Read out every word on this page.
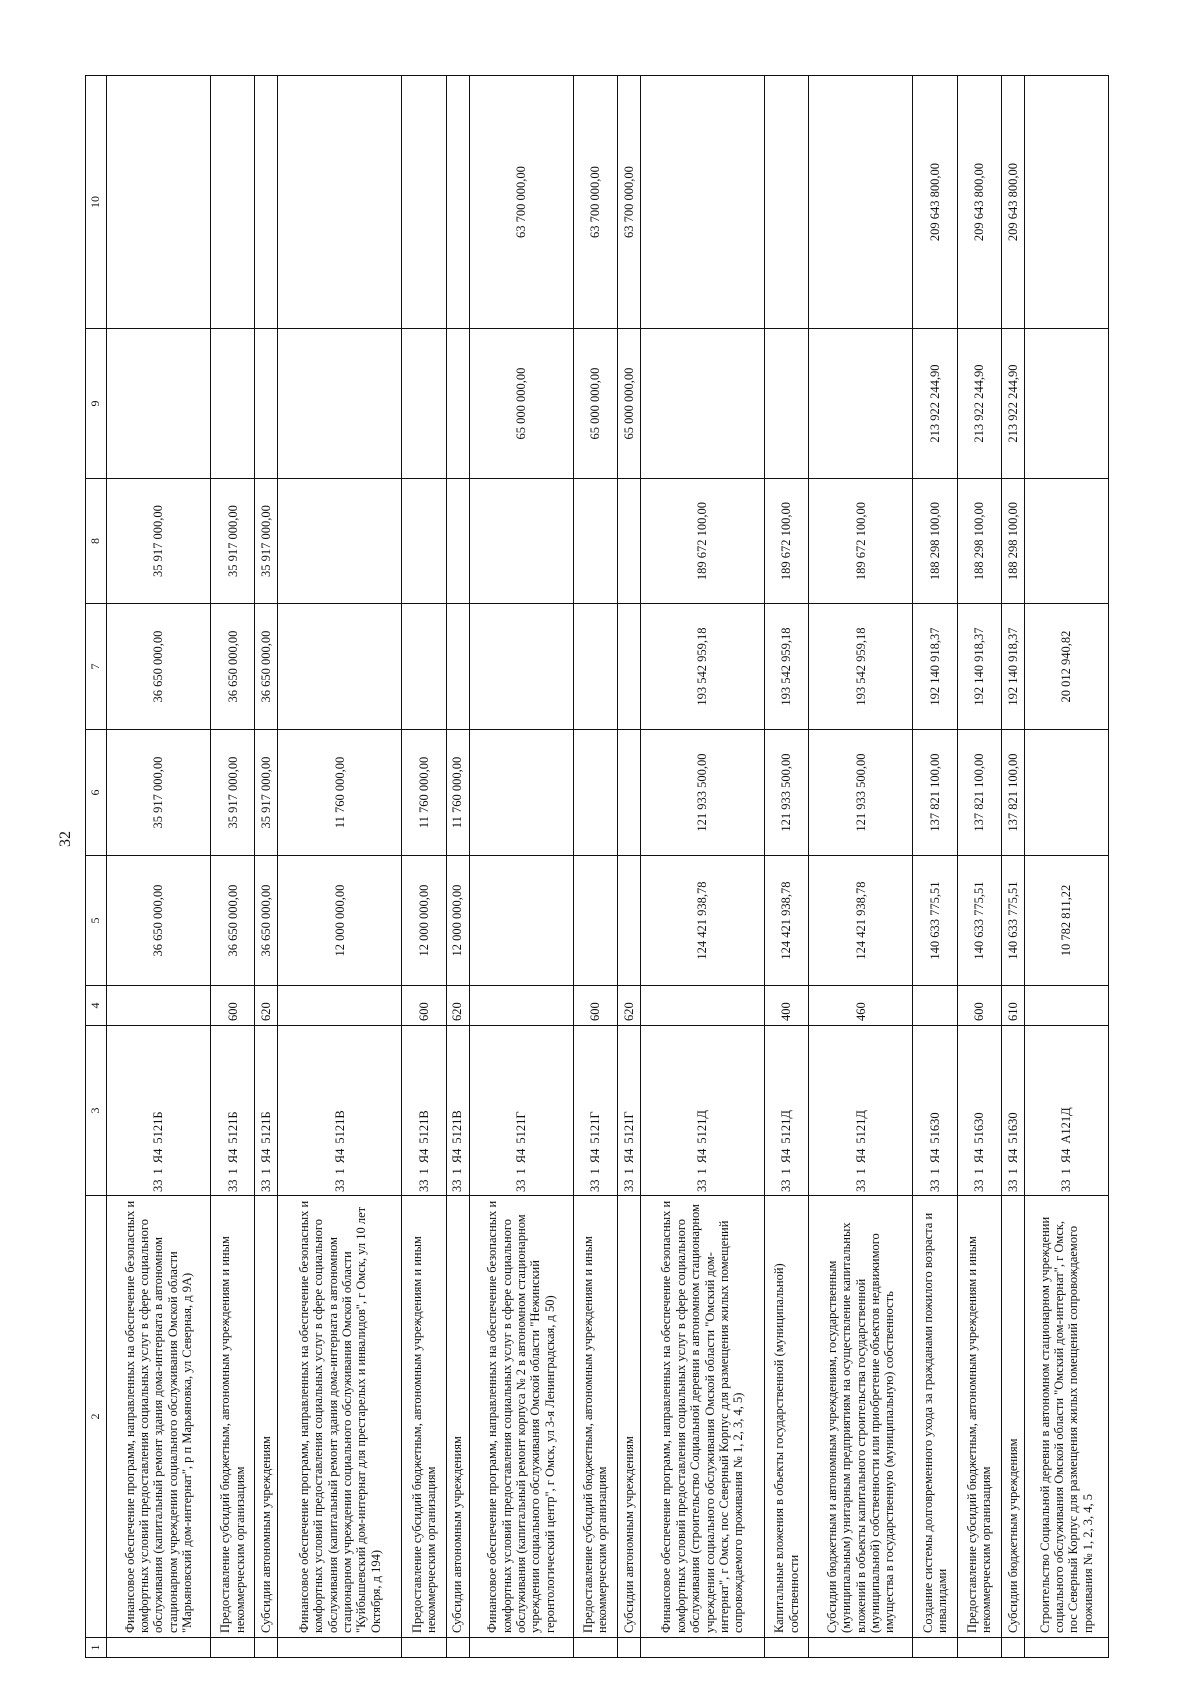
32
1	2	3	4	5	6	7	8	9	10
	Финансовое обеспечение программ, направленных на обеспечение безопасных и комфортных условий предоставления социальных услуг в сфере социального обслуживания (капитальный ремонт здания дома-интерната в автономном стационарном учреждении социального обслуживания Омской области "Марьяновский дом-интернат", р п Марьяновка, ул Северная, д 9А)	331Я45121Б		36 650 000,00	35 917 000,00	36 650 000,00	35 917 000,00		
	Предоставление субсидий бюджетным, автономным учреждениям и иным некоммерческим организациям	331Я45121Б	600	36 650 000,00	35 917 000,00	36 650 000,00	35 917 000,00		
	Субсидии автономным учреждениям	331Я45121Б	620	36 650 000,00	35 917 000,00	36 650 000,00	35 917 000,00		
	Финансовое обеспечение программ, направленных на обеспечение безопасных и комфортных условий предоставления социальных услуг в сфере социального обслуживания (капитальный ремонт здания дома-интерната в автономном стационарном учреждении социального обслуживания Омской области "Куйбышевский дом-интернат для престарелых и инвалидов", г Омск, ул 10 лет Октября, д 194)	331Я45121В		12 000 000,00	11 760 000,00				
	Предоставление субсидий бюджетным, автономным учреждениям и иным некоммерческим организациям	331Я45121В	600	12 000 000,00	11 760 000,00				
	Субсидии автономным учреждениям	331Я45121В	620	12 000 000,00	11 760 000,00				
	Финансовое обеспечение программ, направленных на обеспечение безопасных и комфортных условий предоставления социальных услуг в сфере социального обслуживания (капитальный ремонт корпуса № 2 в автономном стационарном учреждении социального обслуживания Омской области "Нежинский геронтологический центр", г Омск, ул 3-я Ленинградская, д 50)	331Я45121Г						65 000 000,00	63 700 000,00
	Предоставление субсидий бюджетным, автономным учреждениям и иным некоммерческим организациям	331Я45121Г	600					65 000 000,00	63 700 000,00
	Субсидии автономным учреждениям	331Я45121Г	620					65 000 000,00	63 700 000,00
	Финансовое обеспечение программ, направленных на обеспечение безопасных и комфортных условий предоставления социальных услуг в сфере социального обслуживания (строительство Социальной деревни в автономном стационарном учреждении социального обслуживания Омской области "Омский дом-интернат", г Омск, пос Северный Корпус для размещения жилых помещений сопровождаемого проживания № 1, 2, 3, 4, 5)	331Я45121Д		124 421 938,78	121 933 500,00	193 542 959,18	189 672 100,00		
	Капитальные вложения в объекты государственной (муниципальной) собственности	331Я45121Д	400	124 421 938,78	121 933 500,00	193 542 959,18	189 672 100,00		
	Субсидии бюджетным и автономным учреждениям, государственным (муниципальным) унитарным предприятиям на осуществление капитальных вложений в объекты капитального строительства государственной (муниципальной) собственности или приобретение объектов недвижимого имущества в государственную (муниципальную) собственность	331Я45121Д	460	124 421 938,78	121 933 500,00	193 542 959,18	189 672 100,00		
	Создание системы долговременного ухода за гражданами пожилого возраста и инвалидами	331Я451630		140 633 775,51	137 821 100,00	192 140 918,37	188 298 100,00	213 922 244,90	209 643 800,00
	Предоставление субсидий бюджетным, автономным учреждениям и иным некоммерческим организациям	331Я451630	600	140 633 775,51	137 821 100,00	192 140 918,37	188 298 100,00	213 922 244,90	209 643 800,00
	Субсидии бюджетным учреждениям	331Я451630	610	140 633 775,51	137 821 100,00	192 140 918,37	188 298 100,00	213 922 244,90	209 643 800,00
	Строительство Социальной деревни в автономном стационарном учреждении социального обслуживания Омской области "Омский дом-интернат", г Омск, пос Северный Корпус для размещения жилых помещений сопровождаемого проживания № 1, 2, 3, 4, 5	331Я4А121Д		10 782 811,22		20 012 940,82			
